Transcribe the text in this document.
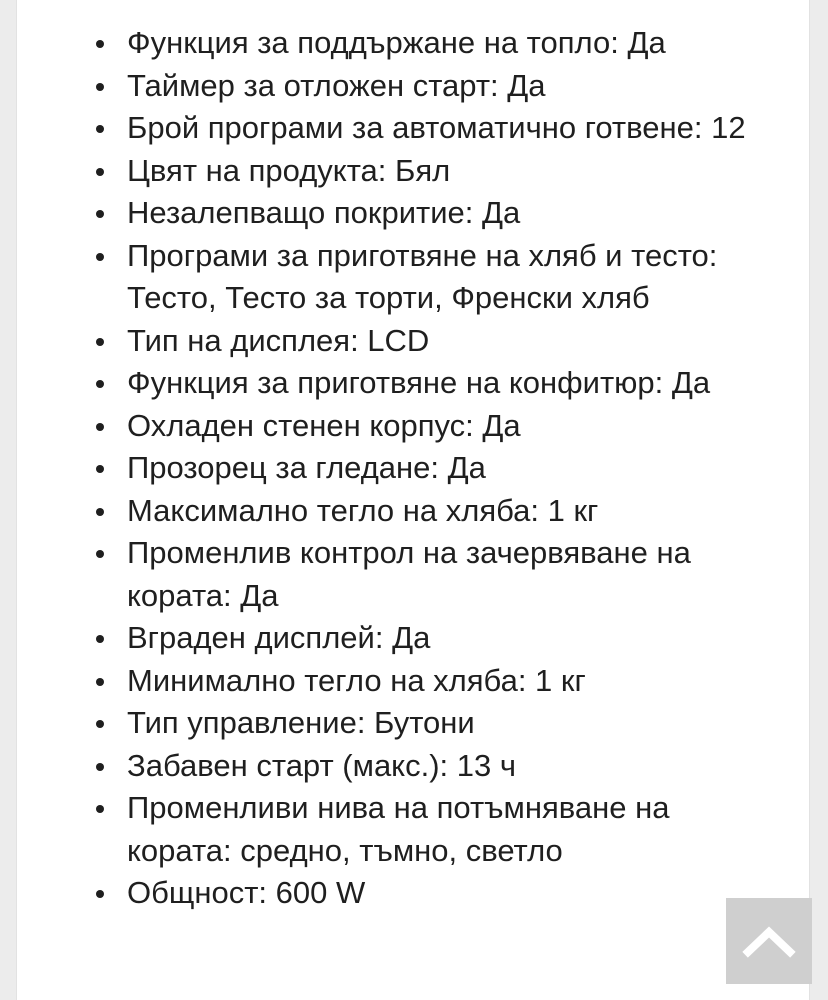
Функция за поддържане на топло: Да
Таймер за отложен старт: Да
Брой програми за автоматично готвене: 12
Цвят на продукта: Бял
Незалепващо покритие: Да
Програми за приготвяне на хляб и тесто: Тесто, Тесто за торти, Френски хляб
Тип на дисплея: LCD
Функция за приготвяне на конфитюр: Да
Охладен стенен корпус: Да
Прозорец за гледане: Да
Максимално тегло на хляба: 1 кг
Променлив контрол на зачервяване на кората: Да
Вграден дисплей: Да
Минимално тегло на хляба: 1 кг
Тип управление: Бутони
Забавен старт (макс.): 13 ч
Променливи нива на потъмняване на кората: средно, тъмно, светло
Общност: 600 W
